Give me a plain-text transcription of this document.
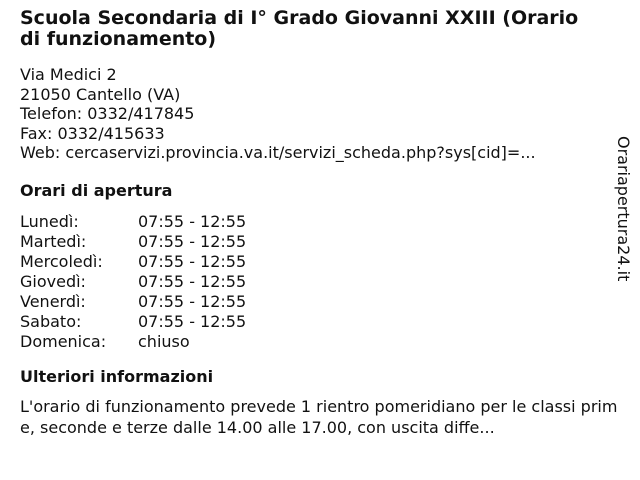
Scuola Secondaria di I° Grado Giovanni XXIII (Orario
di funzionamento)
Via Medici 2
21050 Cantello (VA)
Telefon: 0332/417845
Fax: 0332/415633
Web: cercaservizi.provincia.va.it/servizi_scheda.php?sys[cid]=...
Orari di apertura
Lunedì:	07:55 - 12:55
Martedì:	07:55 - 12:55
Mercoledì:	07:55 - 12:55
Giovedì:	07:55 - 12:55
Venerdì:	07:55 - 12:55
Sabato:	07:55 - 12:55
Domenica:	chiuso
Ulteriori informazioni
L'orario di funzionamento prevede 1 rientro pomeridiano per le classi prime, seconde e terze dalle 14.00 alle 17.00, con uscita diffe...
Orariapertura24.it
